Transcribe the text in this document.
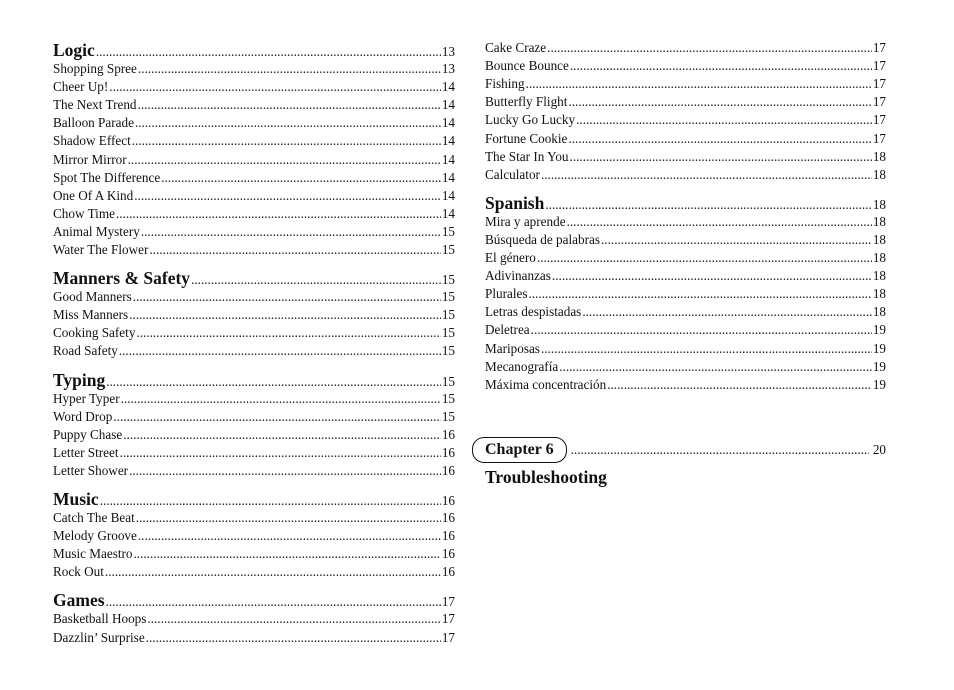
Logic .....	13
Shopping Spree .....	13
Cheer Up! .....	14
The Next Trend .....	14
Balloon Parade .....	14
Shadow Effect .....	14
Mirror Mirror .....	14
Spot The Difference .....	14
One Of A Kind .....	14
Chow Time .....	14
Animal Mystery .....	15
Water The Flower .....	15
Manners & Safety .....	15
Good Manners .....	15
Miss Manners .....	15
Cooking Safety .....	15
Road Safety .....	15
Typing .....	15
Hyper Typer .....	15
Word Drop .....	15
Puppy Chase .....	16
Letter Street .....	16
Letter Shower .....	16
Music .....	16
Catch The Beat .....	16
Melody Groove .....	16
Music Maestro .....	16
Rock Out .....	16
Games .....	17
Basketball Hoops .....	17
Dazzlin’ Surprise .....	17
Cake Craze .....	17
Bounce Bounce .....	17
Fishing .....	17
Butterfly Flight .....	17
Lucky Go Lucky .....	17
Fortune Cookie .....	17
The Star In You .....	18
Calculator .....	18
Spanish .....	18
Mira y aprende .....	18
Búsqueda de palabras .....	18
El género .....	18
Adivinanzas .....	18
Plurales .....	18
Letras despistadas .....	18
Deletrea .....	19
Mariposas .....	19
Mecanografía .....	19
Máxima concentración .....	19
Chapter 6 .....	20
Troubleshooting
